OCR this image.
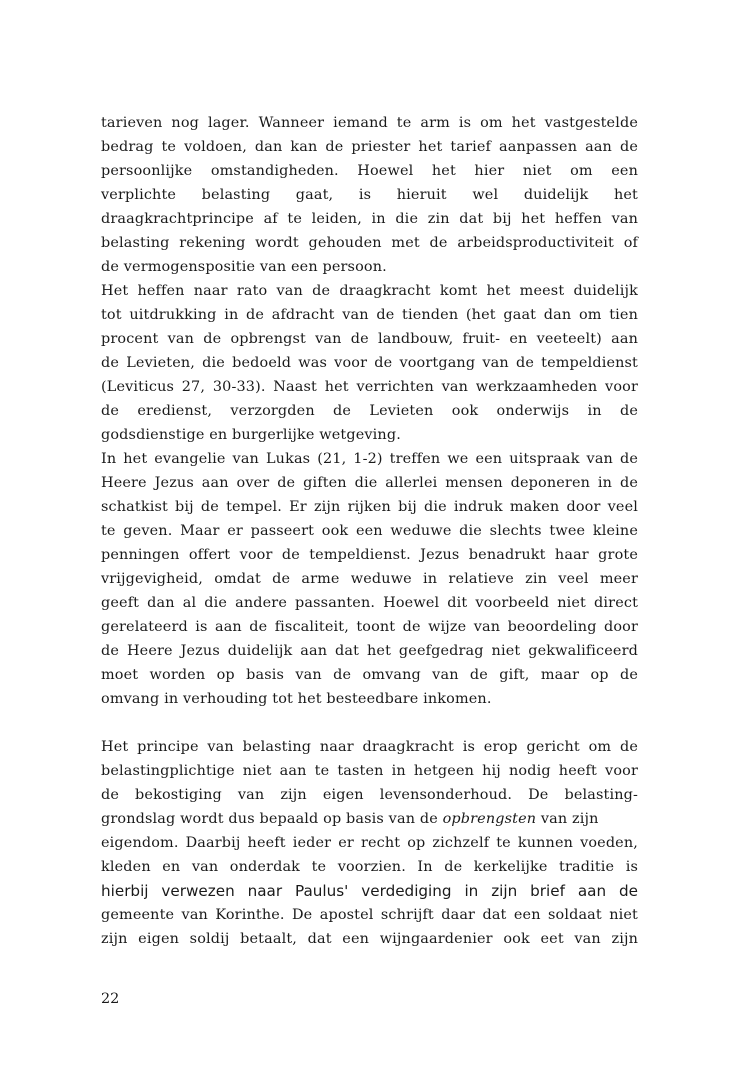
tarieven nog lager. Wanneer iemand te arm is om het vastgestelde
bedrag te voldoen, dan kan de priester het tarief aanpassen aan de
persoonlijke omstandigheden. Hoewel het hier niet om een
verplichte belasting gaat, is hieruit wel duidelijk het
draagkrachtprincipe af te leiden, in die zin dat bij het heffen van
belasting rekening wordt gehouden met de arbeidsproductiviteit of
de vermogenspositie van een persoon.
Het heffen naar rato van de draagkracht komt het meest duidelijk
tot uitdrukking in de afdracht van de tienden (het gaat dan om tien
procent van de opbrengst van de landbouw, fruit- en veeteelt) aan
de Levieten, die bedoeld was voor de voortgang van de tempeldienst
(Leviticus 27, 30-33). Naast het verrichten van werkzaamheden voor
de eredienst, verzorgden de Levieten ook onderwijs in de
godsdienstige en burgerlijke wetgeving.
In het evangelie van Lukas (21, 1-2) treffen we een uitspraak van de
Heere Jezus aan over de giften die allerlei mensen deponeren in de
schatkist bij de tempel. Er zijn rijken bij die indruk maken door veel
te geven. Maar er passeert ook een weduwe die slechts twee kleine
penningen offert voor de tempeldienst. Jezus benadrukt haar grote
vrijgevigheid, omdat de arme weduwe in relatieve zin veel meer
geeft dan al die andere passanten. Hoewel dit voorbeeld niet direct
gerelateerd is aan de fiscaliteit, toont de wijze van beoordeling door
de Heere Jezus duidelijk aan dat het geefgedrag niet gekwalificeerd
moet worden op basis van de omvang van de gift, maar op de
omvang in verhouding tot het besteedbare inkomen.
Het principe van belasting naar draagkracht is erop gericht om de
belastingplichtige niet aan te tasten in hetgeen hij nodig heeft voor
de bekostiging van zijn eigen levensonderhoud. De belasting-
grondslag wordt dus bepaald op basis van de opbrengsten van zijn
eigendom. Daarbij heeft ieder er recht op zichzelf te kunnen voeden,
kleden en van onderdak te voorzien. In de kerkelijke traditie is
hierbij verwezen naar Paulus' verdediging in zijn brief aan de
gemeente van Korinthe. De apostel schrijft daar dat een soldaat niet
zijn eigen soldij betaalt, dat een wijngaardenier ook eet van zijn
22
